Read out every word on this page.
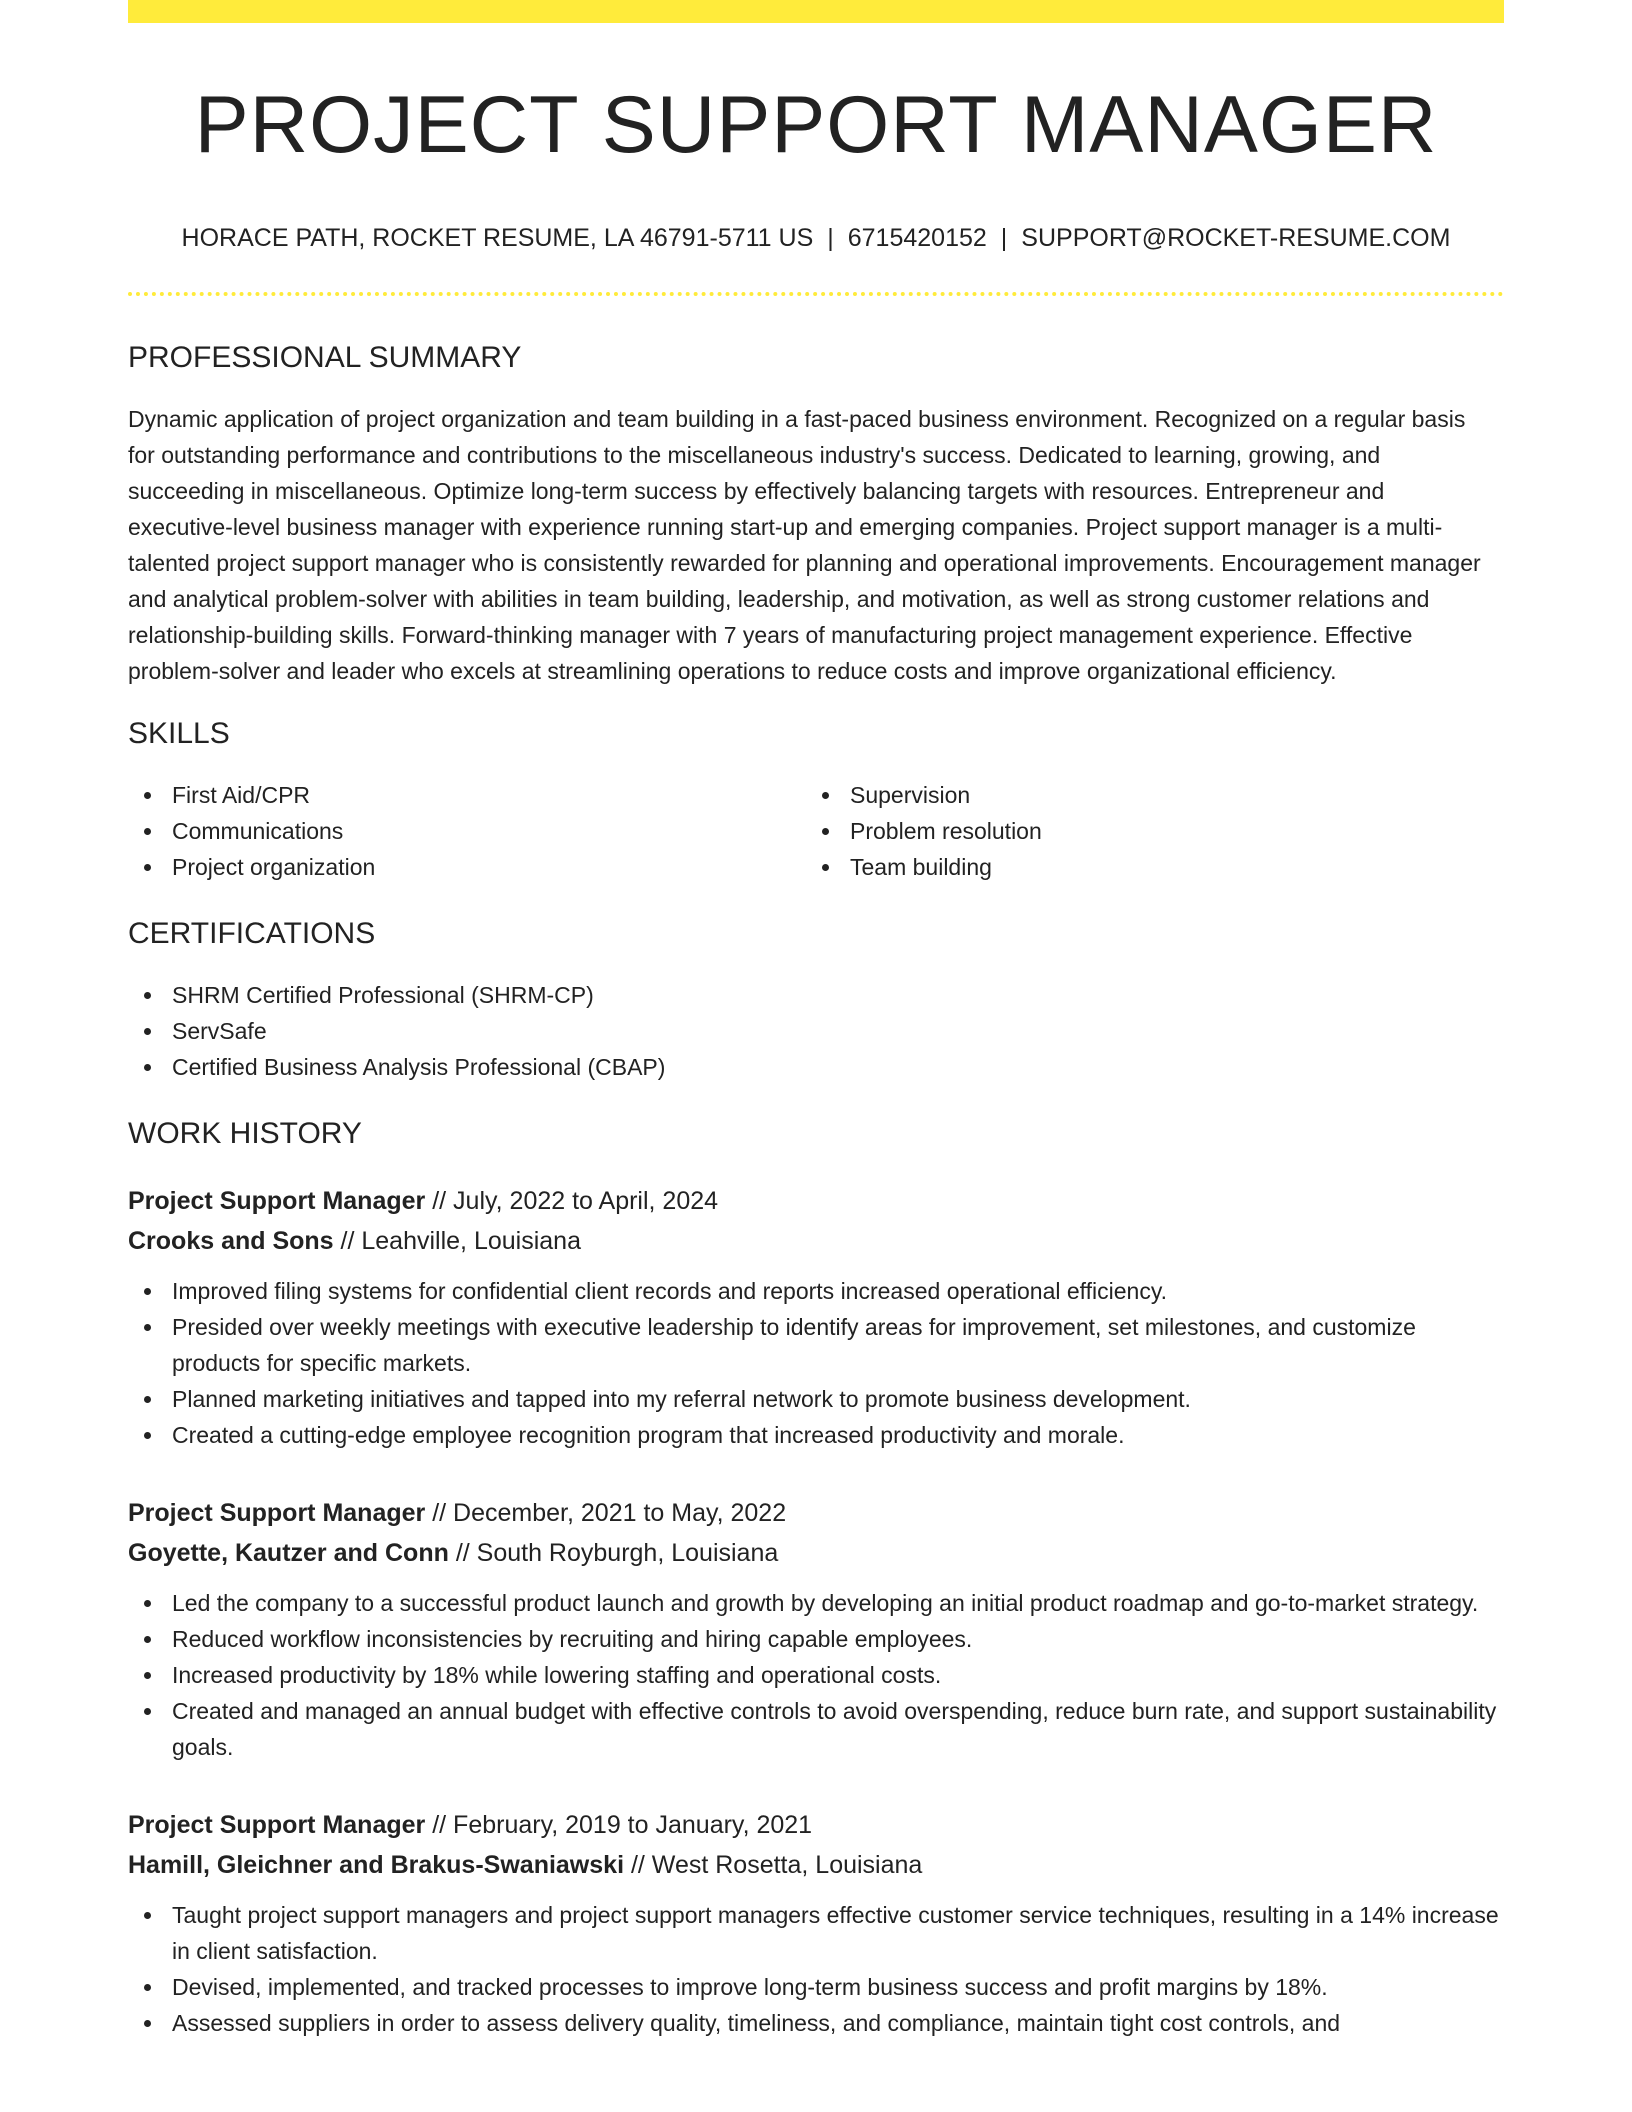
PROJECT SUPPORT MANAGER
HORACE PATH, ROCKET RESUME, LA 46791-5711 US | 6715420152 | SUPPORT@ROCKET-RESUME.COM
PROFESSIONAL SUMMARY

Dynamic application of project organization and team building in a fast-paced business environment. Recognized on a regular basis for outstanding performance and contributions to the miscellaneous industry's success. Dedicated to learning, growing, and succeeding in miscellaneous. Optimize long-term success by effectively balancing targets with resources. Entrepreneur and executive-level business manager with experience running start-up and emerging companies. Project support manager is a multi-talented project support manager who is consistently rewarded for planning and operational improvements. Encouragement manager and analytical problem-solver with abilities in team building, leadership, and motivation, as well as strong customer relations and relationship-building skills. Forward-thinking manager with 7 years of manufacturing project management experience. Effective problem-solver and leader who excels at streamlining operations to reduce costs and improve organizational efficiency.

SKILLS
First Aid/CPR
Communications
Project organization
Supervision
Problem resolution
Team building
CERTIFICATIONS
SHRM Certified Professional (SHRM-CP)
ServSafe
Certified Business Analysis Professional (CBAP)
WORK HISTORY
Project Support Manager // July, 2022 to April, 2024
Crooks and Sons // Leahville, Louisiana
Improved filing systems for confidential client records and reports increased operational efficiency.
Presided over weekly meetings with executive leadership to identify areas for improvement, set milestones, and customize products for specific markets.
Planned marketing initiatives and tapped into my referral network to promote business development.
Created a cutting-edge employee recognition program that increased productivity and morale.
Project Support Manager // December, 2021 to May, 2022
Goyette, Kautzer and Conn // South Royburgh, Louisiana
Led the company to a successful product launch and growth by developing an initial product roadmap and go-to-market strategy.
Reduced workflow inconsistencies by recruiting and hiring capable employees.
Increased productivity by 18% while lowering staffing and operational costs.
Created and managed an annual budget with effective controls to avoid overspending, reduce burn rate, and support sustainability goals.
Project Support Manager // February, 2019 to January, 2021
Hamill, Gleichner and Brakus-Swaniawski // West Rosetta, Louisiana
Taught project support managers and project support managers effective customer service techniques, resulting in a 14% increase in client satisfaction.
Devised, implemented, and tracked processes to improve long-term business success and profit margins by 18%.
Assessed suppliers in order to assess delivery quality, timeliness, and compliance, maintain tight cost controls, and
